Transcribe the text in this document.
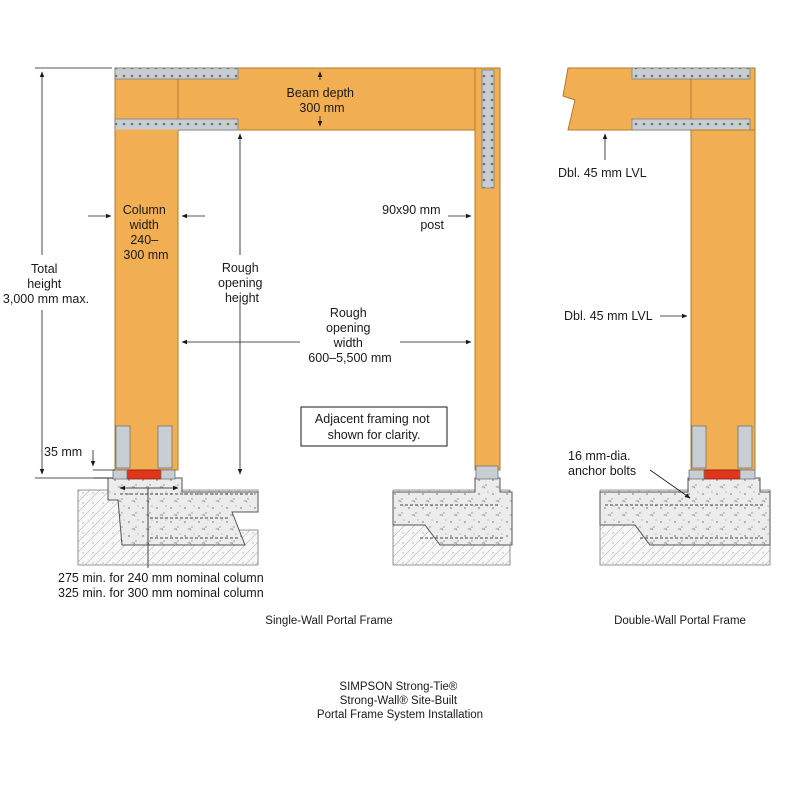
Beam depth 300 mm
Column width 240– 300 mm
Total height 3,000 mm max.
Rough opening height
Rough opening width 600–5,500 mm
90x90 mm post
Adjacent framing not shown for clarity.
35 mm
275 min. for 240 mm nominal column 325 min. for 300 mm nominal column
Dbl. 45 mm LVL
Dbl. 45 mm LVL
16 mm-dia. anchor bolts
Single-Wall Portal Frame	Double-Wall Portal Frame
SIMPSON Strong-Tie® Strong-Wall® Site-Built Portal Frame System Installation
